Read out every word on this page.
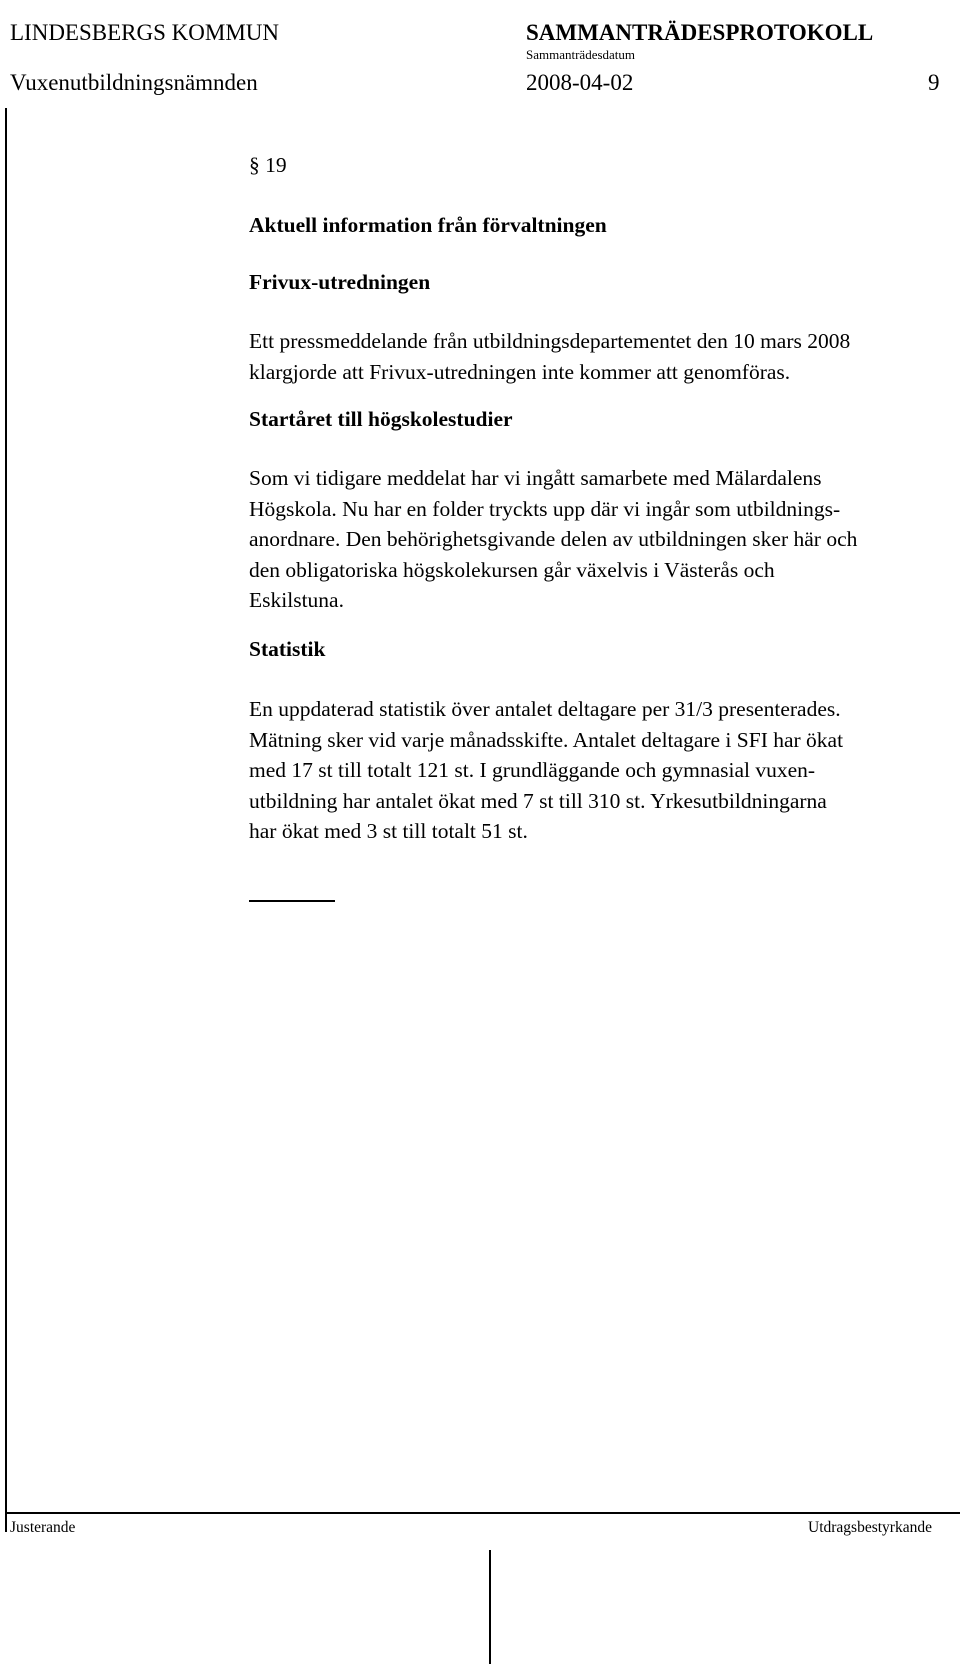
LINDESBERGS KOMMUN
Vuxenutbildningsnämnden
SAMMANTRÄDESPROTOKOLL
Sammanträdesdatum
2008-04-02	9
§ 19
Aktuell information från förvaltningen
Frivux-utredningen
Ett pressmeddelande från utbildningsdepartementet den 10 mars 2008
klargjorde att Frivux-utredningen inte kommer att genomföras.
Startåret till högskolestudier
Som vi tidigare meddelat har vi ingått samarbete med Mälardalens
Högskola. Nu har en folder tryckts upp där vi ingår som utbildnings-
anordnare. Den behörighetsgivande delen av utbildningen sker här och
den obligatoriska högskolekursen går växelvis i Västerås och
Eskilstuna.
Statistik
En uppdaterad statistik över antalet deltagare per 31/3 presenterades.
Mätning sker vid varje månadsskifte. Antalet deltagare i SFI har ökat
med 17 st till totalt 121 st. I grundläggande och gymnasial vuxen-
utbildning har antalet ökat med 7 st till 310 st. Yrkesutbildningarna
har ökat med 3 st till totalt 51 st.
Justerande	Utdragsbestyrkande
